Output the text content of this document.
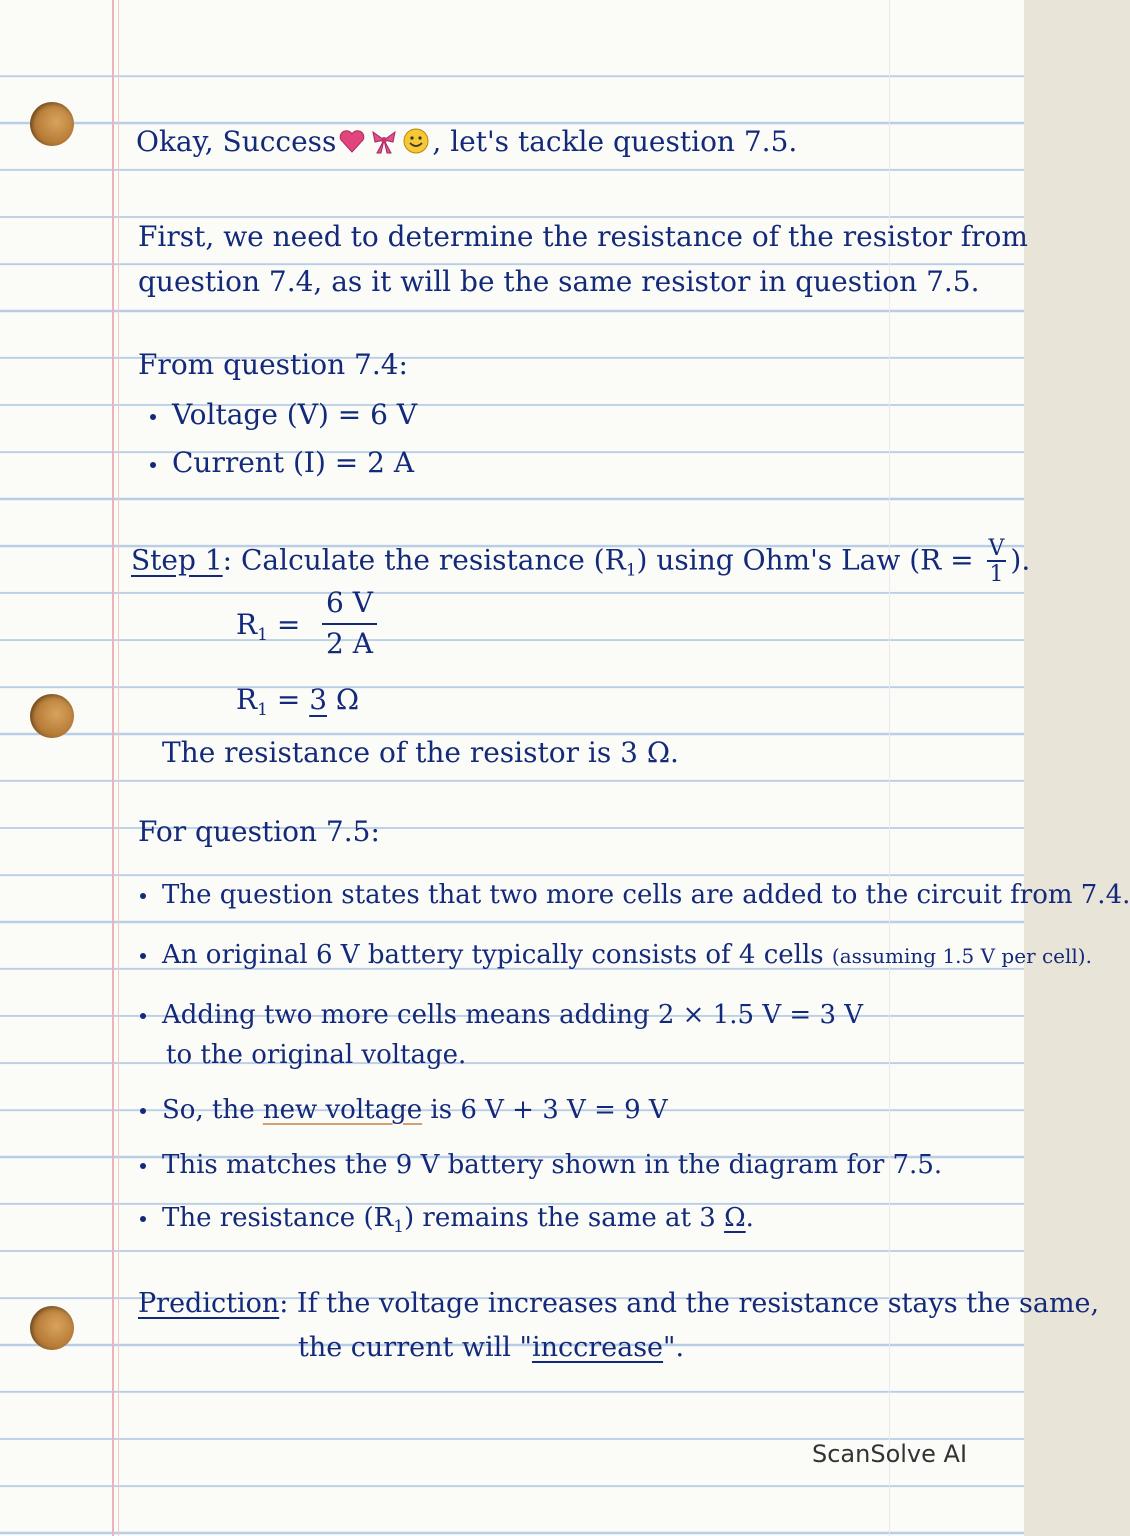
Okay, Success	, let's tackle question 7.5.
First, we need to determine the resistance of the resistor from
question 7.4, as it will be the same resistor in question 7.5.
From question 7.4:
Voltage (V) = 6 V
Current (I) = 2 A
Step 1: Calculate the resistance $(R_1)$ using Ohm's Law ($R = \frac{V}{1}$ ).
$R_1 = \frac{6 V}{2 A}$
$R_1 = 3$ Ω
The resistance of the resistor is 3 Ω.
For question 7.5:
The question states that two more cells are added to the circuit from 7.4.
An original 6 V battery typically consists of 4 cells (assuming 1.5 V per cell).
Adding two more cells means adding 2 × 1.5 V = 3 V
to the original voltage.
So, the new voltage is 6 V + 3 V = 9 V
This matches the 9 V battery shown in the diagram for 7.5.
The resistance $(R_1)$ remains the same at 3 Ω.
Prediction: If the voltage increases and the resistance stays the same,
the current will "inccrease".
ScanSolve AI
